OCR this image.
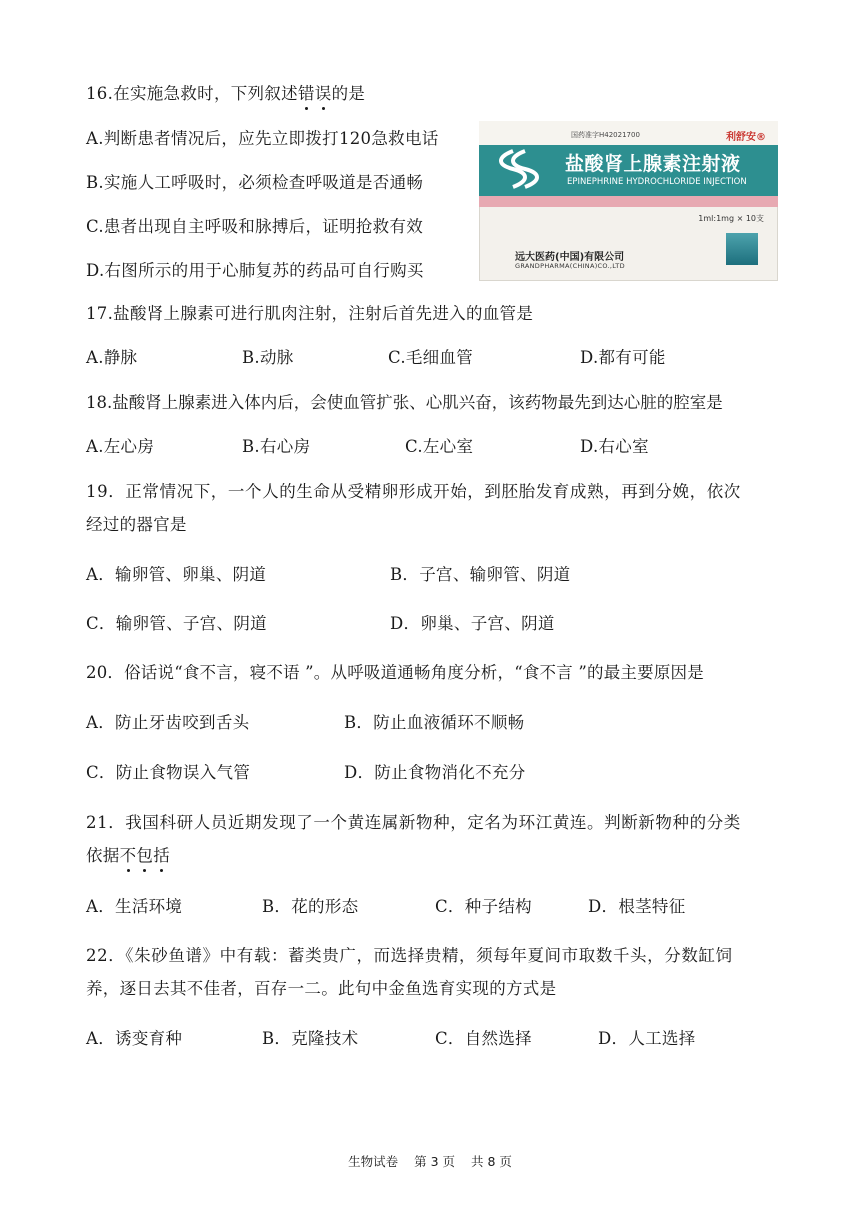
16.在实施急救时，下列叙述错误的是
A.判断患者情况后，应先立即拨打120急救电话
B.实施人工呼吸时，必须检查呼吸道是否通畅
C.患者出现自主呼吸和脉搏后，证明抢救有效
D.右图所示的用于心肺复苏的药品可自行购买
国药准字H42021700	利舒安®
盐酸肾上腺素注射液
EPINEPHRINE HYDROCHLORIDE INJECTION
1ml:1mg × 10支
远大医药(中国)有限公司
GRANDPHARMA(CHINA)CO.,LTD
17.盐酸肾上腺素可进行肌肉注射，注射后首先进入的血管是
A.静脉	B.动脉	C.毛细血管	D.都有可能
18.盐酸肾上腺素进入体内后，会使血管扩张、心肌兴奋，该药物最先到达心脏的腔室是
A.左心房	B.右心房	C.左心室	D.右心室
19．正常情况下，一个人的生命从受精卵形成开始，到胚胎发育成熟，再到分娩，依次
经过的器官是
A．输卵管、卵巢、阴道	B．子宫、输卵管、阴道
C．输卵管、子宫、阴道	D．卵巢、子宫、阴道
20．俗话说“食不言，寝不语 ”。从呼吸道通畅角度分析，“食不言 ”的最主要原因是
A．防止牙齿咬到舌头	B．防止血液循环不顺畅
C．防止食物误入气管	D．防止食物消化不充分
21．我国科研人员近期发现了一个黄连属新物种，定名为环江黄连。判断新物种的分类
依据不包括
A．生活环境	B．花的形态	C．种子结构	D．根茎特征
22．《朱砂鱼谱》中有载：蓄类贵广，而选择贵精，须每年夏间市取数千头，分数缸饲
养，逐日去其不佳者，百存一二。此句中金鱼选育实现的方式是
A．诱变育种	B．克隆技术	C．自然选择	D．人工选择
生物试卷 第 3 页 共 8 页
